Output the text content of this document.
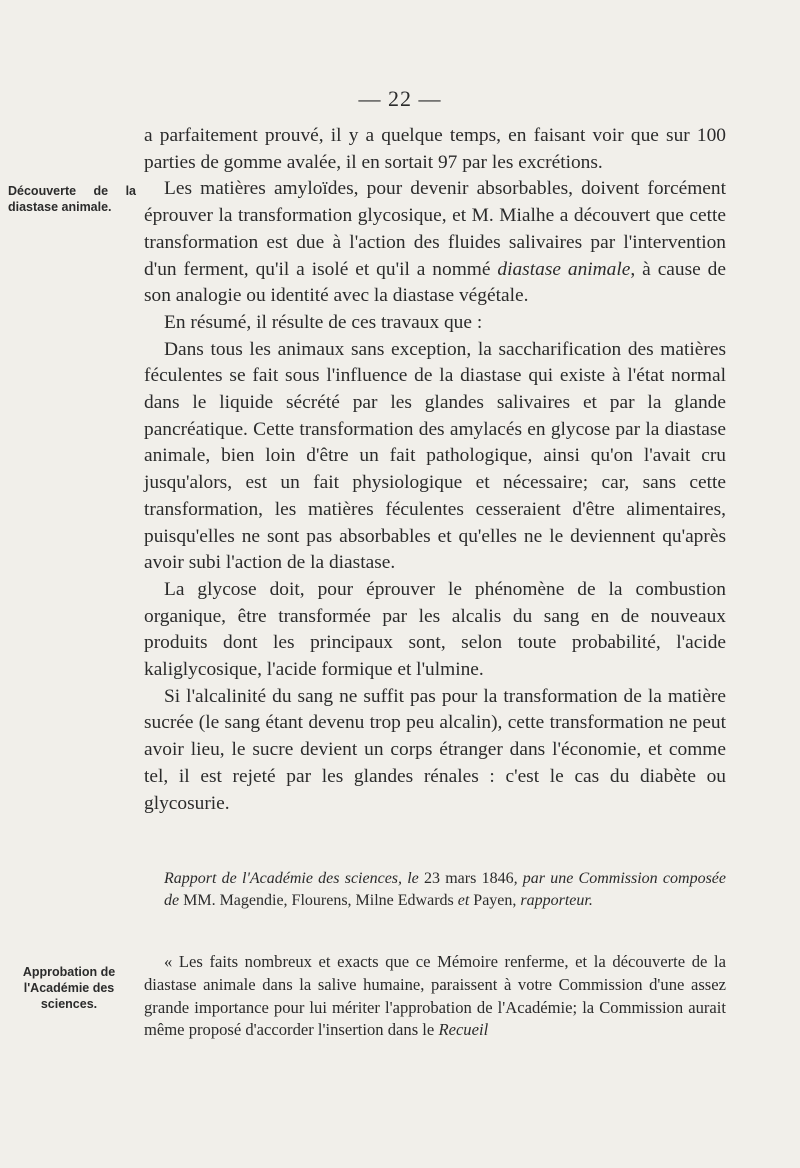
— 22 —
Découverte de la diastase animale.
Approbation de l'Académie des sciences.

a parfaitement prouvé, il y a quelque temps, en faisant voir que sur 100 parties de gomme avalée, il en sortait 97 par les excrétions.

Les matières amyloïdes, pour devenir absorbables, doivent forcément éprouver la transformation glycosique, et M. Mialhe a découvert que cette transformation est due à l'action des fluides salivaires par l'intervention d'un ferment, qu'il a isolé et qu'il a nommé diastase animale, à cause de son analogie ou identité avec la diastase végétale.

En résumé, il résulte de ces travaux que :

Dans tous les animaux sans exception, la saccharification des matières féculentes se fait sous l'influence de la diastase qui existe à l'état normal dans le liquide sécrété par les glandes salivaires et par la glande pancréatique. Cette transformation des amylacés en glycose par la diastase animale, bien loin d'être un fait pathologique, ainsi qu'on l'avait cru jusqu'alors, est un fait physiologique et nécessaire; car, sans cette transformation, les matières féculentes cesseraient d'être alimentaires, puisqu'elles ne sont pas absorbables et qu'elles ne le deviennent qu'après avoir subi l'action de la diastase.

La glycose doit, pour éprouver le phénomène de la combustion organique, être transformée par les alcalis du sang en de nouveaux produits dont les principaux sont, selon toute probabilité, l'acide kaliglycosique, l'acide formique et l'ulmine.

Si l'alcalinité du sang ne suffit pas pour la transformation de la matière sucrée (le sang étant devenu trop peu alcalin), cette transformation ne peut avoir lieu, le sucre devient un corps étranger dans l'économie, et comme tel, il est rejeté par les glandes rénales : c'est le cas du diabète ou glycosurie.

Rapport de l'Académie des sciences, le 23 mars 1846, par une Commission composée de MM. Magendie, Flourens, Milne Edwards et Payen, rapporteur.
« Les faits nombreux et exacts que ce Mémoire renferme, et la découverte de la diastase animale dans la salive humaine, paraissent à votre Commission d'une assez grande importance pour lui mériter l'approbation de l'Académie; la Commission aurait même proposé d'accorder l'insertion dans le Recueil
